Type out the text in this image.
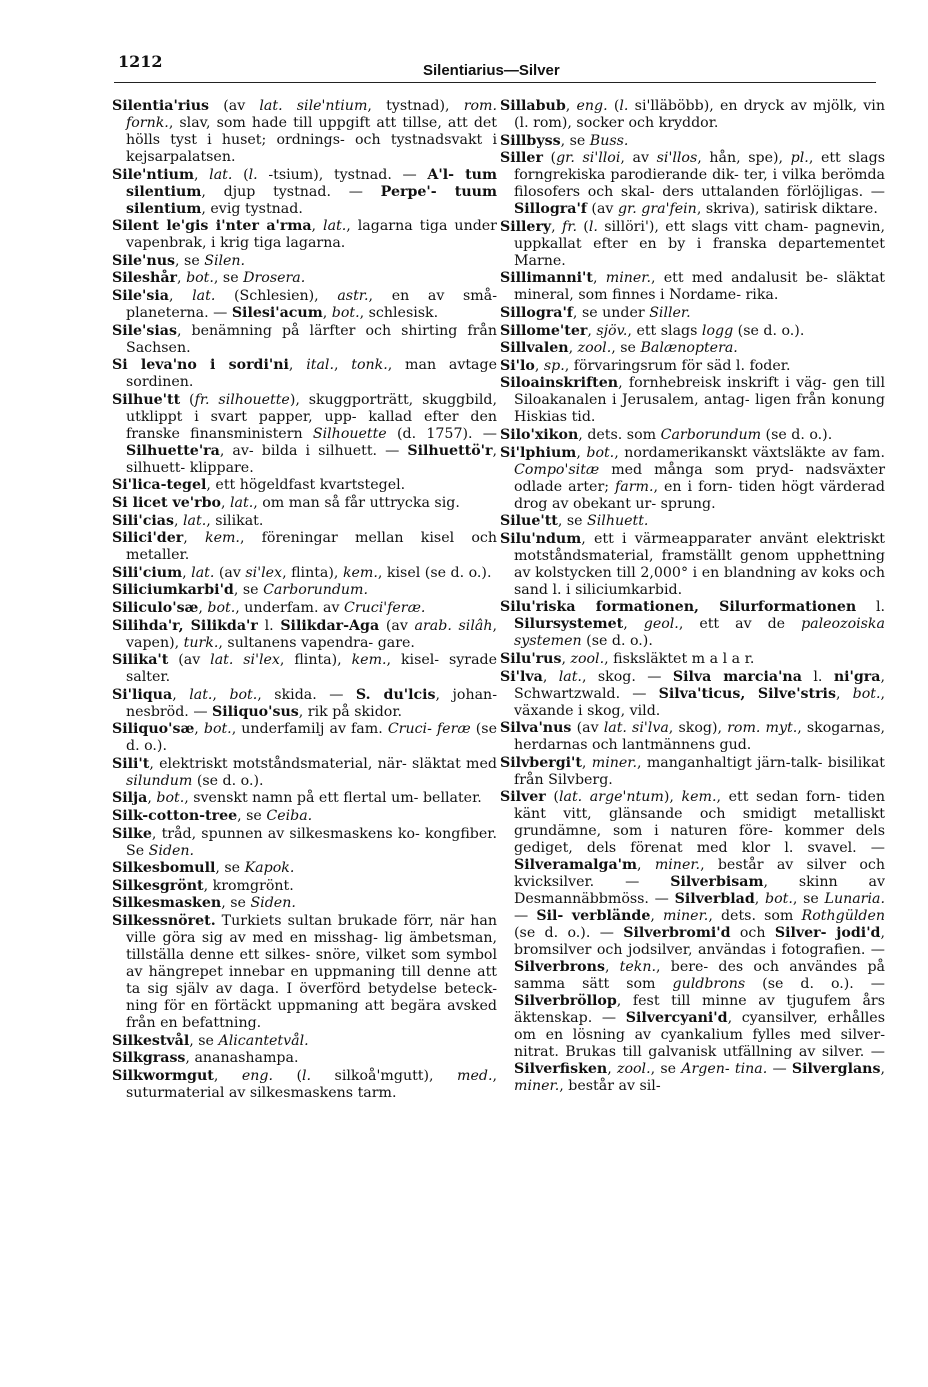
1212	Silentiarius—Silver

Silentia'rius (av lat. sile'ntium, tystnad), rom. fornk., slav, som hade till uppgift att tillse, att det hölls tyst i huset; ordnings- och tystnadsvakt i kejsarpalatsen.

Sile'ntium, lat. (l. -tsium), tystnad. — A'l- tum silentium, djup tystnad. — Perpe'- tuum silentium, evig tystnad.

Silent le'gis i'nter a'rma, lat., lagarna tiga under vapenbrak, i krig tiga lagarna.

Sile'nus, se Silen.

Sileshår, bot., se Drosera.

Sile'sia, lat. (Schlesien), astr., en av små- planeterna. — Silesi'acum, bot., schlesisk.

Sile'sias, benämning på lärfter och shirting från Sachsen.

Si leva'no i sordi'ni, ital., tonk., man avtage sordinen.

Silhue'tt (fr. silhouette), skuggporträtt, skuggbild, utklippt i svart papper, upp- kallad efter den franske finansministern Silhouette (d. 1757). — Silhuette'ra, av- bilda i silhuett. — Silhuettö'r, silhuett- klippare.

Si'lica-tegel, ett högeldfast kvartstegel.

Si licet ve'rbo, lat., om man så får uttrycka sig.

Sili'cias, lat., silikat.

Silici'der, kem., föreningar mellan kisel och metaller.

Sili'cium, lat. (av si'lex, flinta), kem., kisel (se d. o.).

Siliciumkarbi'd, se Carborundum.

Siliculo'sæ, bot., underfam. av Cruci'feræ.

Silihda'r, Silikda'r l. Silikdar-Aga (av arab. silâh, vapen), turk., sultanens vapendra- gare.

Silika't (av lat. si'lex, flinta), kem., kisel- syrade salter.

Si'liqua, lat., bot., skida. — S. du'lcis, johan- nesbröd. — Siliquo'sus, rik på skidor.

Siliquo'sæ, bot., underfamilj av fam. Cruci- feræ (se d. o.).

Sili't, elektriskt motståndsmaterial, när- släktat med silundum (se d. o.).

Silja, bot., svenskt namn på ett flertal um- bellater.

Silk-cotton-tree, se Ceiba.

Silke, tråd, spunnen av silkesmaskens ko- kongfiber. Se Siden.

Silkesbomull, se Kapok.

Silkesgrönt, kromgrönt.

Silkesmasken, se Siden.

Silkessnöret. Turkiets sultan brukade förr, när han ville göra sig av med en misshag- lig ämbetsman, tillställa denne ett silkes- snöre, vilket som symbol av hängrepet innebar en uppmaning till denne att ta sig själv av daga. I överförd betydelse beteck- ning för en förtäckt uppmaning att begära avsked från en befattning.

Silkestvål, se Alicantetvål.

Silkgrass, ananashampa.

Silkwormgut, eng. (l. silkoå'mgutt), med., suturmaterial av silkesmaskens tarm.

Sillabub, eng. (l. si'lläböbb), en dryck av mjölk, vin (l. rom), socker och kryddor.

Sillbyss, se Buss.

Siller (gr. si'lloi, av si'llos, hån, spe), pl., ett slags forngrekiska parodierande dik- ter, i vilka berömda filosofers och skal- ders uttalanden förlöjligas. — Sillogra'f (av gr. gra'fein, skriva), satirisk diktare.

Sillery, fr. (l. sillöri'), ett slags vitt cham- pagnevin, uppkallat efter en by i franska departementet Marne.

Sillimanni't, miner., ett med andalusit be- släktat mineral, som finnes i Nordame- rika.

Sillogra'f, se under Siller.

Sillome'ter, sjöv., ett slags logg (se d. o.).

Sillvalen, zool., se Balænoptera.

Si'lo, sp., förvaringsrum för säd l. foder.

Siloainskriften, fornhebreisk inskrift i väg- gen till Siloakanalen i Jerusalem, antag- ligen från konung Hiskias tid.

Silo'xikon, dets. som Carborundum (se d. o.).

Si'lphium, bot., nordamerikanskt växtsläkte av fam. Compo'sitæ med många som pryd- nadsväxter odlade arter; farm., en i forn- tiden högt värderad drog av obekant ur- sprung.

Silue'tt, se Silhuett.

Silu'ndum, ett i värmeapparater använt elektriskt motståndsmaterial, framställt genom upphettning av kolstycken till 2,000° i en blandning av koks och sand l. i siliciumkarbid.

Silu'riska formationen, Silurformationen l. Silursystemet, geol., ett av de paleozoiska systemen (se d. o.).

Silu'rus, zool., fisksläktet m a l a r.

Si'lva, lat., skog. — Silva marcia'na l. ni'gra, Schwartzwald. — Silva'ticus, Silve'stris, bot., växande i skog, vild.

Silva'nus (av lat. si'lva, skog), rom. myt., skogarnas, herdarnas och lantmännens gud.

Silvbergi't, miner., manganhaltigt järn-talk- bisilikat från Silvberg.

Silver (lat. arge'ntum), kem., ett sedan forn- tiden känt vitt, glänsande och smidigt metalliskt grundämne, som i naturen före- kommer dels gediget, dels förenat med klor l. svavel. — Silveramalga'm, miner., består av silver och kvicksilver. — Silverbisam, skinn av Desmannäbbmöss. — Silverblad, bot., se Lunaria. — Sil- verblände, miner., dets. som Rothgülden (se d. o.). — Silverbromi'd och Silver- jodi'd, bromsilver och jodsilver, användas i fotografien. — Silverbrons, tekn., bere- des och användes på samma sätt som guldbrons (se d. o.). — Silverbröllop, fest till minne av tjugufem års äktenskap. — Silvercyani'd, cyansilver, erhålles om en lösning av cyankalium fylles med silver- nitrat. Brukas till galvanisk utfällning av silver. — Silverfisken, zool., se Argen- tina. — Silverglans, miner., består av sil-
